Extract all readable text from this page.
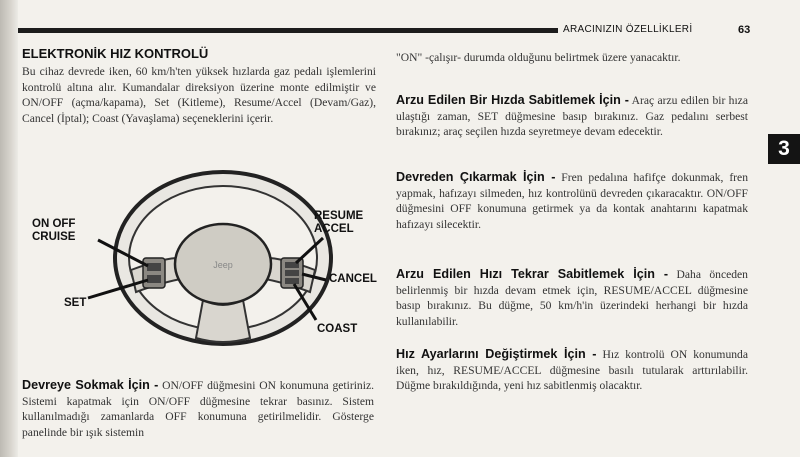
ARACINIZIN ÖZELLİKLERİ	63
3
ELEKTRONİK HIZ KONTROLÜ

Bu cihaz devrede iken, 60 km/h'ten yüksek hızlarda gaz pedalı işlemlerini kontrolü altına alır. Kumandalar direksiyon üzerine monte edilmiştir ve ON/OFF (açma/kapama), Set (Kitleme), Resume/Accel (Devam/Gaz), Cancel (İptal); Coast (Yavaşlama) seçeneklerini içerir.

Jeep
ON OFF
CRUISE
SET
RESUME
ACCEL
CANCEL
COAST

Devreye Sokmak İçin - ON/OFF düğmesini ON konumuna getiriniz. Sistemi kapatmak için ON/OFF düğmesine tekrar basınız. Sistem kullanılmadığı zamanlarda OFF konumuna getirilmelidir. Gösterge panelinde bir ışık sistemin

"ON" -çalışır- durumda olduğunu belirtmek üzere yanacaktır.

Arzu Edilen Bir Hızda Sabitlemek İçin - Araç arzu edilen bir hıza ulaştığı zaman, SET düğmesine basıp bırakınız. Gaz pedalını serbest bırakınız; araç seçilen hızda seyretmeye devam edecektir.

Devreden Çıkarmak İçin - Fren pedalına hafifçe dokunmak, fren yapmak, hafızayı silmeden, hız kontrolünü devreden çıkaracaktır. ON/OFF düğmesini OFF konumuna getirmek ya da kontak anahtarını kapatmak hafızayı silecektir.

Arzu Edilen Hızı Tekrar Sabitlemek İçin - Daha önceden belirlenmiş bir hızda devam etmek için, RESUME/ACCEL düğmesine basıp bırakınız. Bu düğme, 50 km/h'in üzerindeki herhangi bir hızda kullanılabilir.

Hız Ayarlarını Değiştirmek İçin - Hız kontrolü ON konumunda iken, hız, RESUME/ACCEL düğmesine basılı tutularak arttırılabilir. Düğme bırakıldığında, yeni hız sabitlenmiş olacaktır.
